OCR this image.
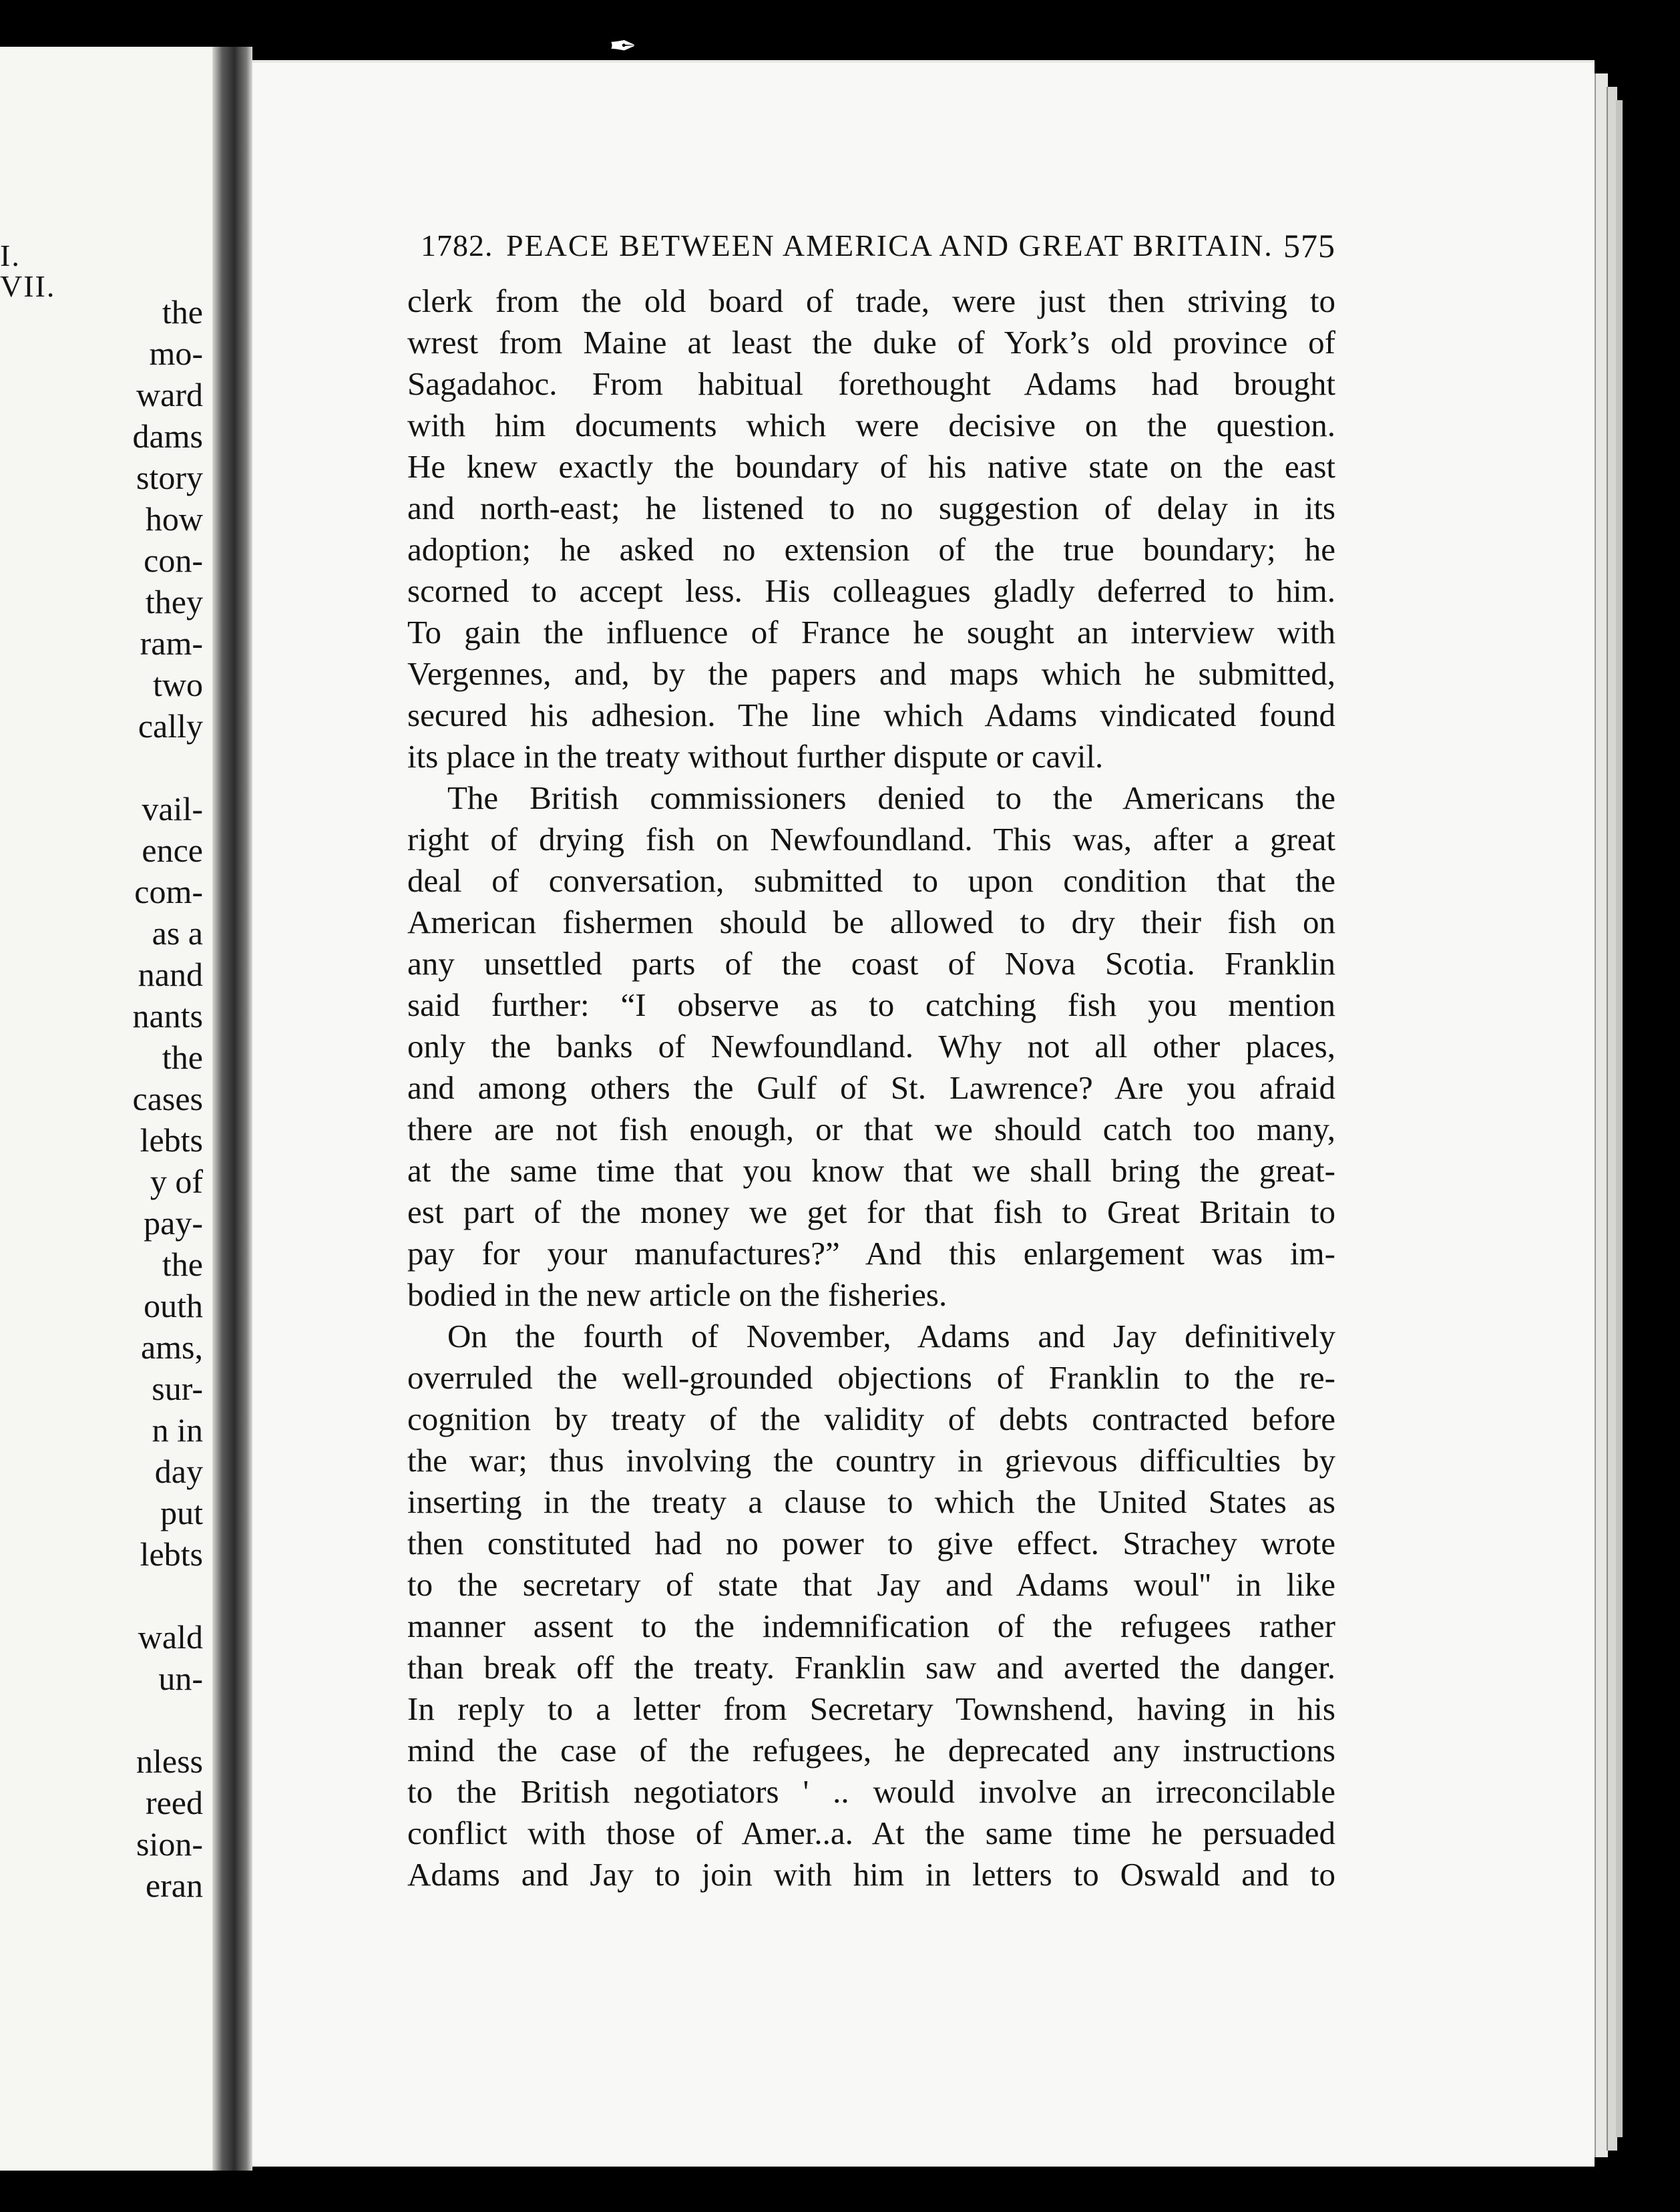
I. VII.
the
mo-
ward
dams
story
how
con-
they
ram-
two
cally
vail-
ence
com-
as a
nand
nants
the
cases
lebts
y of
pay-
the
outh
ams,
sur-
n in
day
put
lebts
wald
un-
nless
reed
sion-
eran
✒
1782. PEACE BETWEEN AMERICA AND GREAT BRITAIN. 575
clerk from the old board of trade, were just then striving to
wrest from Maine at least the duke of York’s old province of
Sagadahoc. From habitual forethought Adams had brought
with him documents which were decisive on the question.
He knew exactly the boundary of his native state on the east
and north-east; he listened to no suggestion of delay in its
adoption; he asked no extension of the true boundary; he
scorned to accept less. His colleagues gladly deferred to him.
To gain the influence of France he sought an interview with
Vergennes, and, by the papers and maps which he submitted,
secured his adhesion. The line which Adams vindicated found
its place in the treaty without further dispute or cavil.
The British commissioners denied to the Americans the
right of drying fish on Newfoundland. This was, after a great
deal of conversation, submitted to upon condition that the
American fishermen should be allowed to dry their fish on
any unsettled parts of the coast of Nova Scotia. Franklin
said further: “I observe as to catching fish you mention
only the banks of Newfoundland. Why not all other places,
and among others the Gulf of St. Lawrence? Are you afraid
there are not fish enough, or that we should catch too many,
at the same time that you know that we shall bring the great-
est part of the money we get for that fish to Great Britain to
pay for your manufactures?” And this enlargement was im-
bodied in the new article on the fisheries.
On the fourth of November, Adams and Jay definitively
overruled the well-grounded objections of Franklin to the re-
cognition by treaty of the validity of debts contracted before
the war; thus involving the country in grievous difficulties by
inserting in the treaty a clause to which the United States as
then constituted had no power to give effect. Strachey wrote
to the secretary of state that Jay and Adams woul'' in like
manner assent to the indemnification of the refugees rather
than break off the treaty. Franklin saw and averted the danger.
In reply to a letter from Secretary Townshend, having in his
mind the case of the refugees, he deprecated any instructions
to the British negotiators ' .. would involve an irreconcilable
conflict with those of Amer..a. At the same time he persuaded
Adams and Jay to join with him in letters to Oswald and to
